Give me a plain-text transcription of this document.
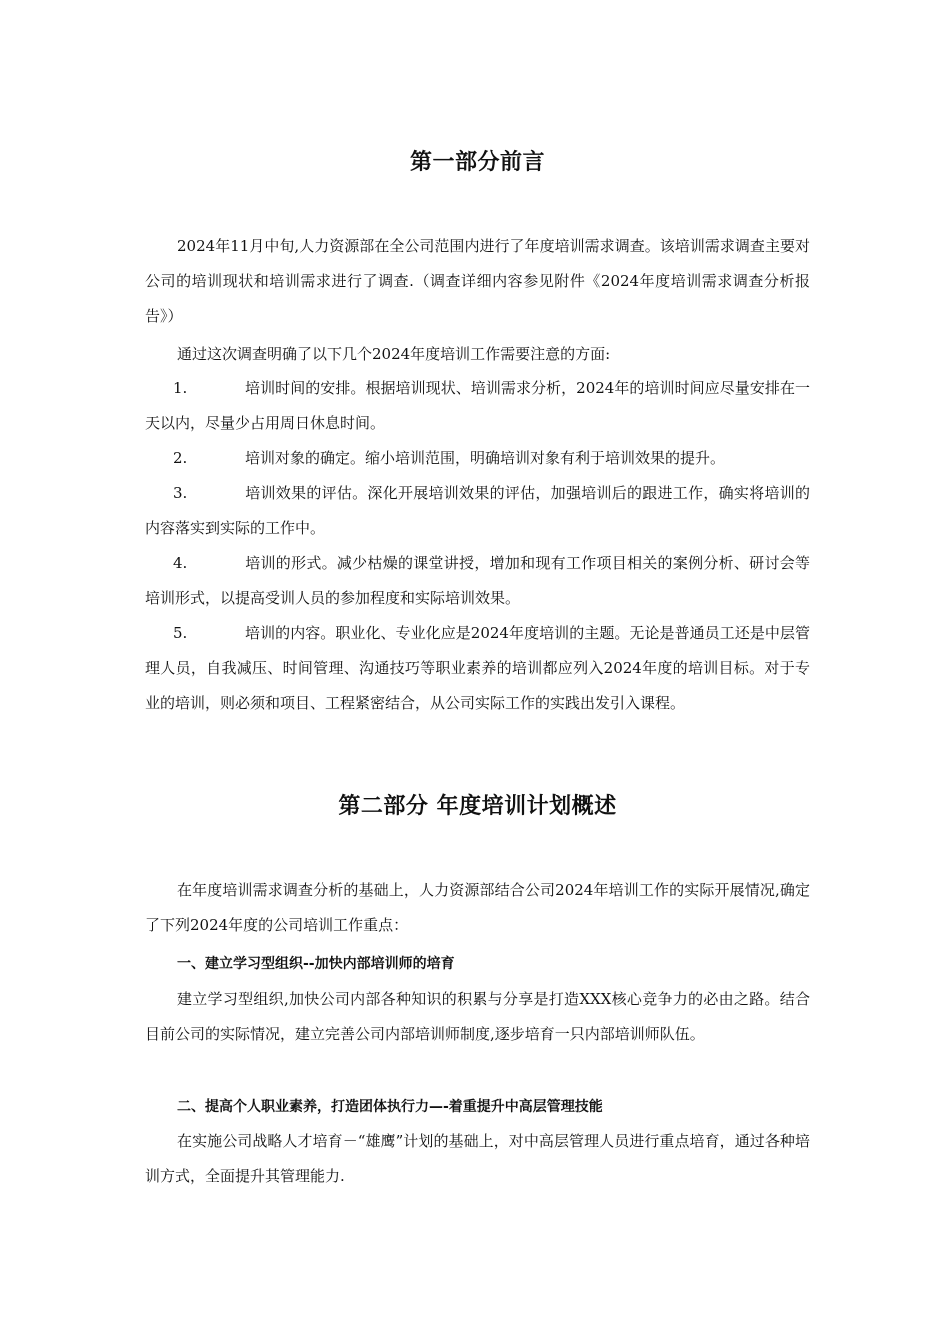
第一部分前言

2024年11月中旬,人力资源部在全公司范围内进行了年度培训需求调查。该培训需求调查主要对公司的培训现状和培训需求进行了调查.（调查详细内容参见附件《2024年度培训需求调查分析报告》）

通过这次调查明确了以下几个2024年度培训工作需要注意的方面:

1.	培训时间的安排。根据培训现状、培训需求分析，2024年的培训时间应尽量安排在一天以内，尽量少占用周日休息时间。

2.	培训对象的确定。缩小培训范围，明确培训对象有利于培训效果的提升。

3.	培训效果的评估。深化开展培训效果的评估，加强培训后的跟进工作，确实将培训的内容落实到实际的工作中。

4.	培训的形式。减少枯燥的课堂讲授，增加和现有工作项目相关的案例分析、研讨会等培训形式，以提高受训人员的参加程度和实际培训效果。

5.	培训的内容。职业化、专业化应是2024年度培训的主题。无论是普通员工还是中层管理人员，自我减压、时间管理、沟通技巧等职业素养的培训都应列入2024年度的培训目标。对于专业的培训，则必须和项目、工程紧密结合，从公司实际工作的实践出发引入课程。

第二部分 年度培训计划概述

在年度培训需求调查分析的基础上，人力资源部结合公司2024年培训工作的实际开展情况,确定了下列2024年度的公司培训工作重点：

一、建立学习型组织--加快内部培训师的培育

建立学习型组织,加快公司内部各种知识的积累与分享是打造XXX核心竞争力的必由之路。结合目前公司的实际情况，建立完善公司内部培训师制度,逐步培育一只内部培训师队伍。

二、提高个人职业素养，打造团体执行力—-着重提升中高层管理技能

在实施公司战略人才培育－“雄鹰”计划的基础上，对中高层管理人员进行重点培育，通过各种培训方式，全面提升其管理能力.
